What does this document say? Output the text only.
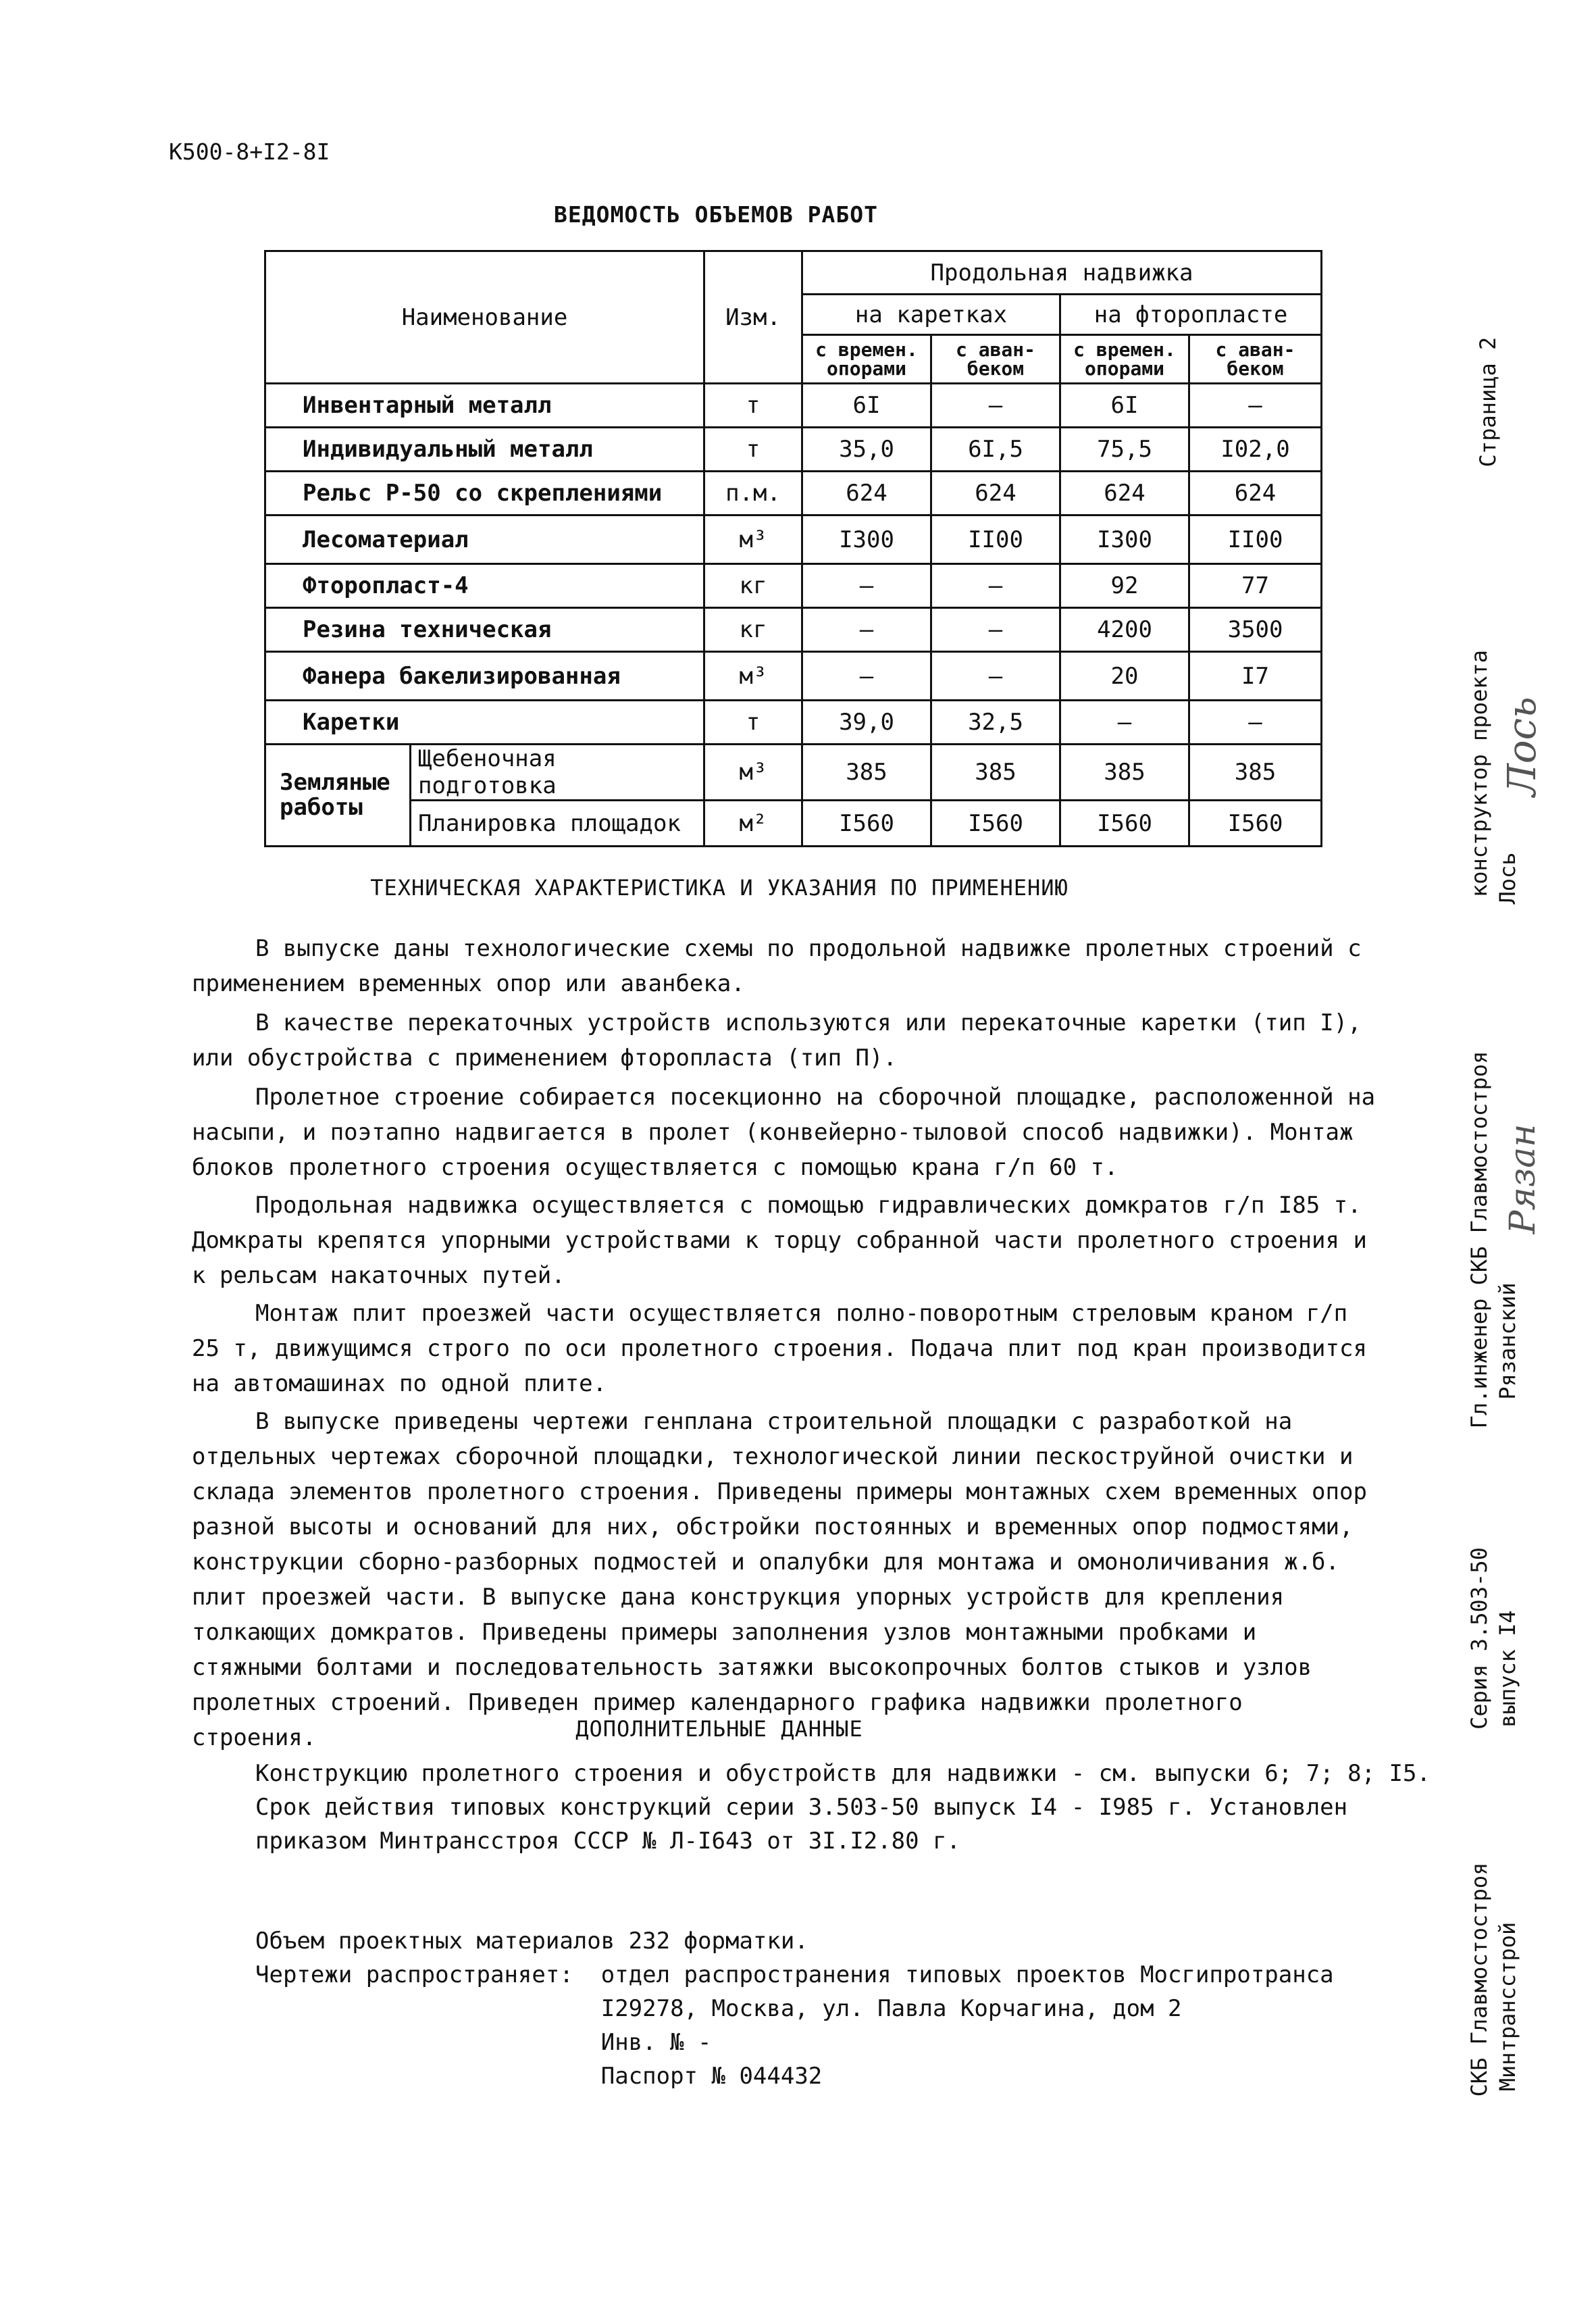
К500-8+I2-8I
ВЕДОМОСТЬ ОБЪЕМОВ РАБОТ
Наименование		Изм.	Продольная надвижка			
			на каретках		на фторопласте	
			с времен. опорами	с аван- беком	с времен. опорами	с аван- беком
Инвентарный металл		т	6I	–	6I	–
Индивидуальный металл		т	35,0	6I,5	75,5	I02,0
Рельс Р-50 со скреплениями		п.м.	624	624	624	624
Лесоматериал		м³	I300	II00	I300	II00
Фторопласт-4		кг	–	–	92	77
Резина техническая		кг	–	–	4200	3500
Фанера бакелизированная		м³	–	–	20	I7
Каретки		т	39,0	32,5	–	–
Земляные работы	Щебеночная подготовка	м³	385	385	385	385
	Планировка площадок	м²	I560	I560	I560	I560
ТЕХНИЧЕСКАЯ ХАРАКТЕРИСТИКА И УКАЗАНИЯ ПО ПРИМЕНЕНИЮ

В выпуске даны технологические схемы по продольной надвижке пролетных строений с применением временных опор или аванбека.

В качестве перекаточных устройств используются или перекаточные каретки (тип I), или обустройства с применением фторопласта (тип П).

Пролетное строение собирается посекционно на сборочной площадке, расположенной на насыпи, и поэтапно надвигается в пролет (конвейерно-тыловой способ надвижки). Монтаж блоков пролетного строения осуществляется с помощью крана г/п 60 т.

Продольная надвижка осуществляется с помощью гидравлических домкратов г/п I85 т. Домкраты крепятся упорными устройствами к торцу собранной части пролетного строения и к рельсам накаточных путей.

Монтаж плит проезжей части осуществляется полно-поворотным стреловым краном г/п 25 т, движущимся строго по оси пролетного строения. Подача плит под кран производится на автомашинах по одной плите.

В выпуске приведены чертежи генплана строительной площадки с разработкой на отдельных чертежах сборочной площадки, технологической линии пескоструйной очистки и склада элементов пролетного строения. Приведены примеры монтажных схем временных опор разной высоты и оснований для них, обстройки постоянных и временных опор подмостями, конструкции сборно-разборных подмостей и опалубки для монтажа и омоноличивания ж.б. плит проезжей части. В выпуске дана конструкция упорных устройств для крепления толкающих домкратов. Приведены примеры заполнения узлов монтажными пробками и стяжными болтами и последовательность затяжки высокопрочных болтов стыков и узлов пролетных строений. Приведен пример календарного графика надвижки пролетного строения.	ДОПОЛНИТЕЛЬНЫЕ ДАННЫЕ

Конструкцию пролетного строения и обустройств для надвижки - см. выпуски 6; 7; 8; I5.

Срок действия типовых конструкций серии 3.503-50 выпуск I4 - I985 г. Установлен

приказом Минтрансстроя СССР № Л-I643 от 3I.I2.80 г.

Объем проектных материалов 232 форматки.

Чертежи распространяет:  отдел распространения типовых проектов Мосгипротранса

I29278, Москва, ул. Павла Корчагина, дом 2

Инв. № -

Паспорт № 044432

Страница 2
конструктор проекта Лось
Лось
Гл.инженер СКБ Главмостостроя Рязанский
Рязан
Серия 3.503-50 выпуск I4
СКБ Главмостостроя Минтрансстрой
